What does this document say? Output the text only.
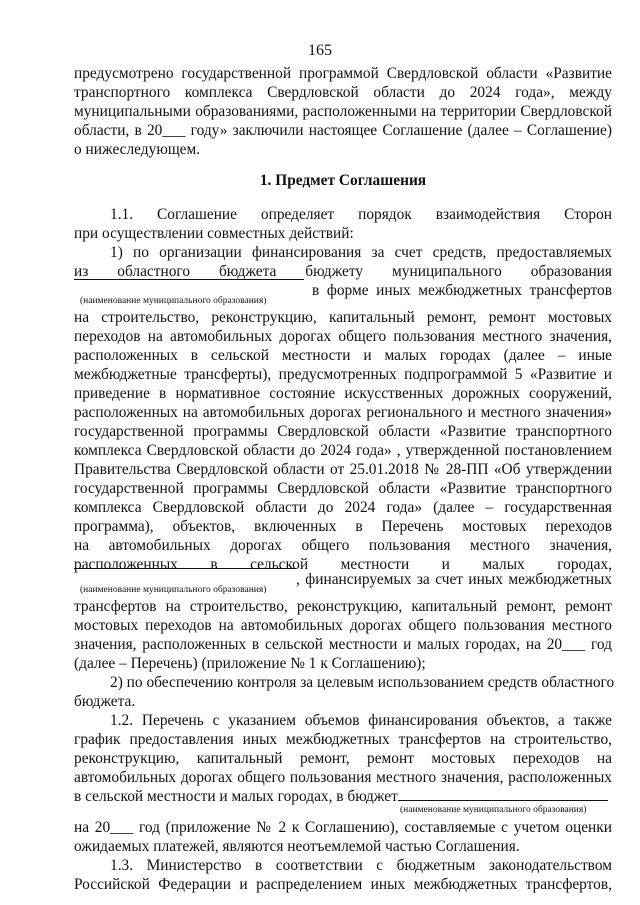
165
предусмотрено государственной программой Свердловской области «Развитие
транспортного комплекса Свердловской области до 2024 года», между
муниципальными образованиями, расположенными на территории Свердловской
области, в 20___ году» заключили настоящее Соглашение (далее – Соглашение)
о нижеследующем.
1. Предмет Соглашения
1.1. Соглашение определяет порядок взаимодействия Сторон
при осуществлении совместных действий:
1) по организации финансирования за счет средств, предоставляемых
из областного бюджета бюджету муниципального образования
в форме иных межбюджетных трансфертов
(наименование муниципального образования)
на строительство, реконструкцию, капитальный ремонт, ремонт мостовых
переходов на автомобильных дорогах общего пользования местного значения,
расположенных в сельской местности и малых городах (далее – иные
межбюджетные трансферты), предусмотренных подпрограммой 5 «Развитие и
приведение в нормативное состояние искусственных дорожных сооружений,
расположенных на автомобильных дорогах регионального и местного значения»
государственной программы Свердловской области «Развитие транспортного
комплекса Свердловской области до 2024 года» , утвержденной постановлением
Правительства Свердловской области от 25.01.2018 № 28-ПП «Об утверждении
государственной программы Свердловской области «Развитие транспортного
комплекса Свердловской области до 2024 года» (далее – государственная
программа), объектов, включенных в Перечень мостовых переходов
на автомобильных дорогах общего пользования местного значения,
расположенных в сельской местности и малых городах,
, финансируемых за счет иных межбюджетных
(наименование муниципального образования)
трансфертов на строительство, реконструкцию, капитальный ремонт, ремонт
мостовых переходов на автомобильных дорогах общего пользования местного
значения, расположенных в сельской местности и малых городах, на 20___ год
(далее – Перечень) (приложение № 1 к Соглашению);
2) по обеспечению контроля за целевым использованием средств областного
бюджета.
1.2. Перечень с указанием объемов финансирования объектов, а также
график предоставления иных межбюджетных трансфертов на строительство,
реконструкцию, капитальный ремонт, ремонт мостовых переходов на
автомобильных дорогах общего пользования местного значения, расположенных
в сельской местности и малых городах, в бюджет
(наименование муниципального образования)
на 20___ год (приложение № 2 к Соглашению), составляемые с учетом оценки
ожидаемых платежей, являются неотъемлемой частью Соглашения.
1.3. Министерство в соответствии с бюджетным законодательством
Российской Федерации и распределением иных межбюджетных трансфертов,
